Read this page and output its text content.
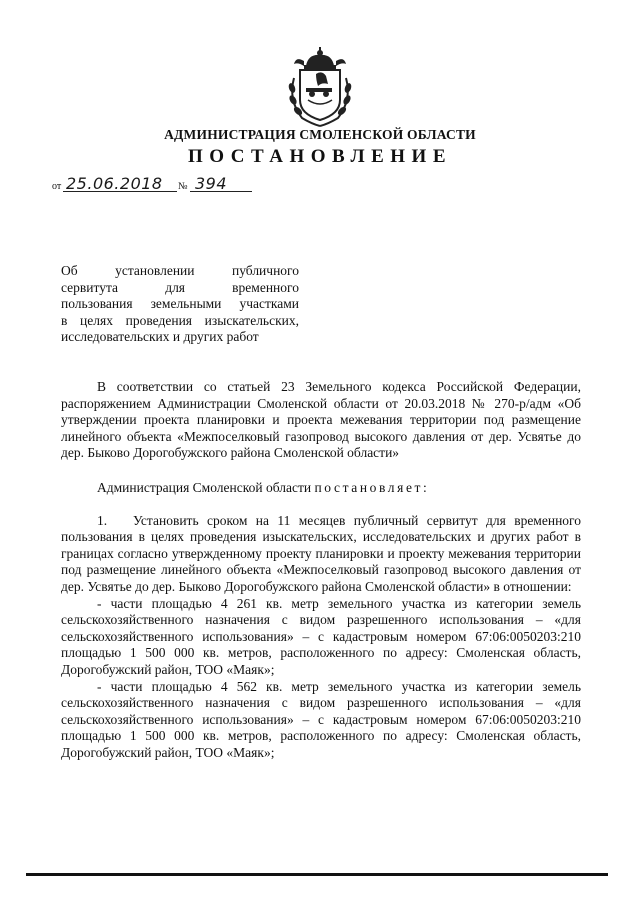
АДМИНИСТРАЦИЯ СМОЛЕНСКОЙ ОБЛАСТИ
ПОСТАНОВЛЕНИЕ
от 25.06.2018 № 394
Об установлении публичного
сервитута для временного
пользования земельными участками
в целях проведения изыскательских,
исследовательских и других работ

В соответствии со статьей 23 Земельного кодекса Российской Федерации, распоряжением Администрации Смоленской области от 20.03.2018 № 270-р/адм «Об утверждении проекта планировки и проекта межевания территории под размещение линейного объекта «Межпоселковый газопровод высокого давления от дер. Усвятье до дер. Быково Дорогобужского района Смоленской области»

Администрация Смоленской области постановляет:

1. Установить сроком на 11 месяцев публичный сервитут для временного пользования в целях проведения изыскательских, исследовательских и других работ в границах согласно утвержденному проекту планировки и проекту межевания территории под размещение линейного объекта «Межпоселковый газопровод высокого давления от дер. Усвятье до дер. Быково Дорогобужского района Смоленской области» в отношении:

- части площадью 4 261 кв. метр земельного участка из категории земель сельскохозяйственного назначения с видом разрешенного использования – «для сельскохозяйственного использования» – с кадастровым номером 67:06:0050203:210 площадью 1 500 000 кв. метров, расположенного по адресу: Смоленская область, Дорогобужский район, ТОО «Маяк»;

- части площадью 4 562 кв. метр земельного участка из категории земель сельскохозяйственного назначения с видом разрешенного использования – «для сельскохозяйственного использования» – с кадастровым номером 67:06:0050203:210 площадью 1 500 000 кв. метров, расположенного по адресу: Смоленская область, Дорогобужский район, ТОО «Маяк»;
